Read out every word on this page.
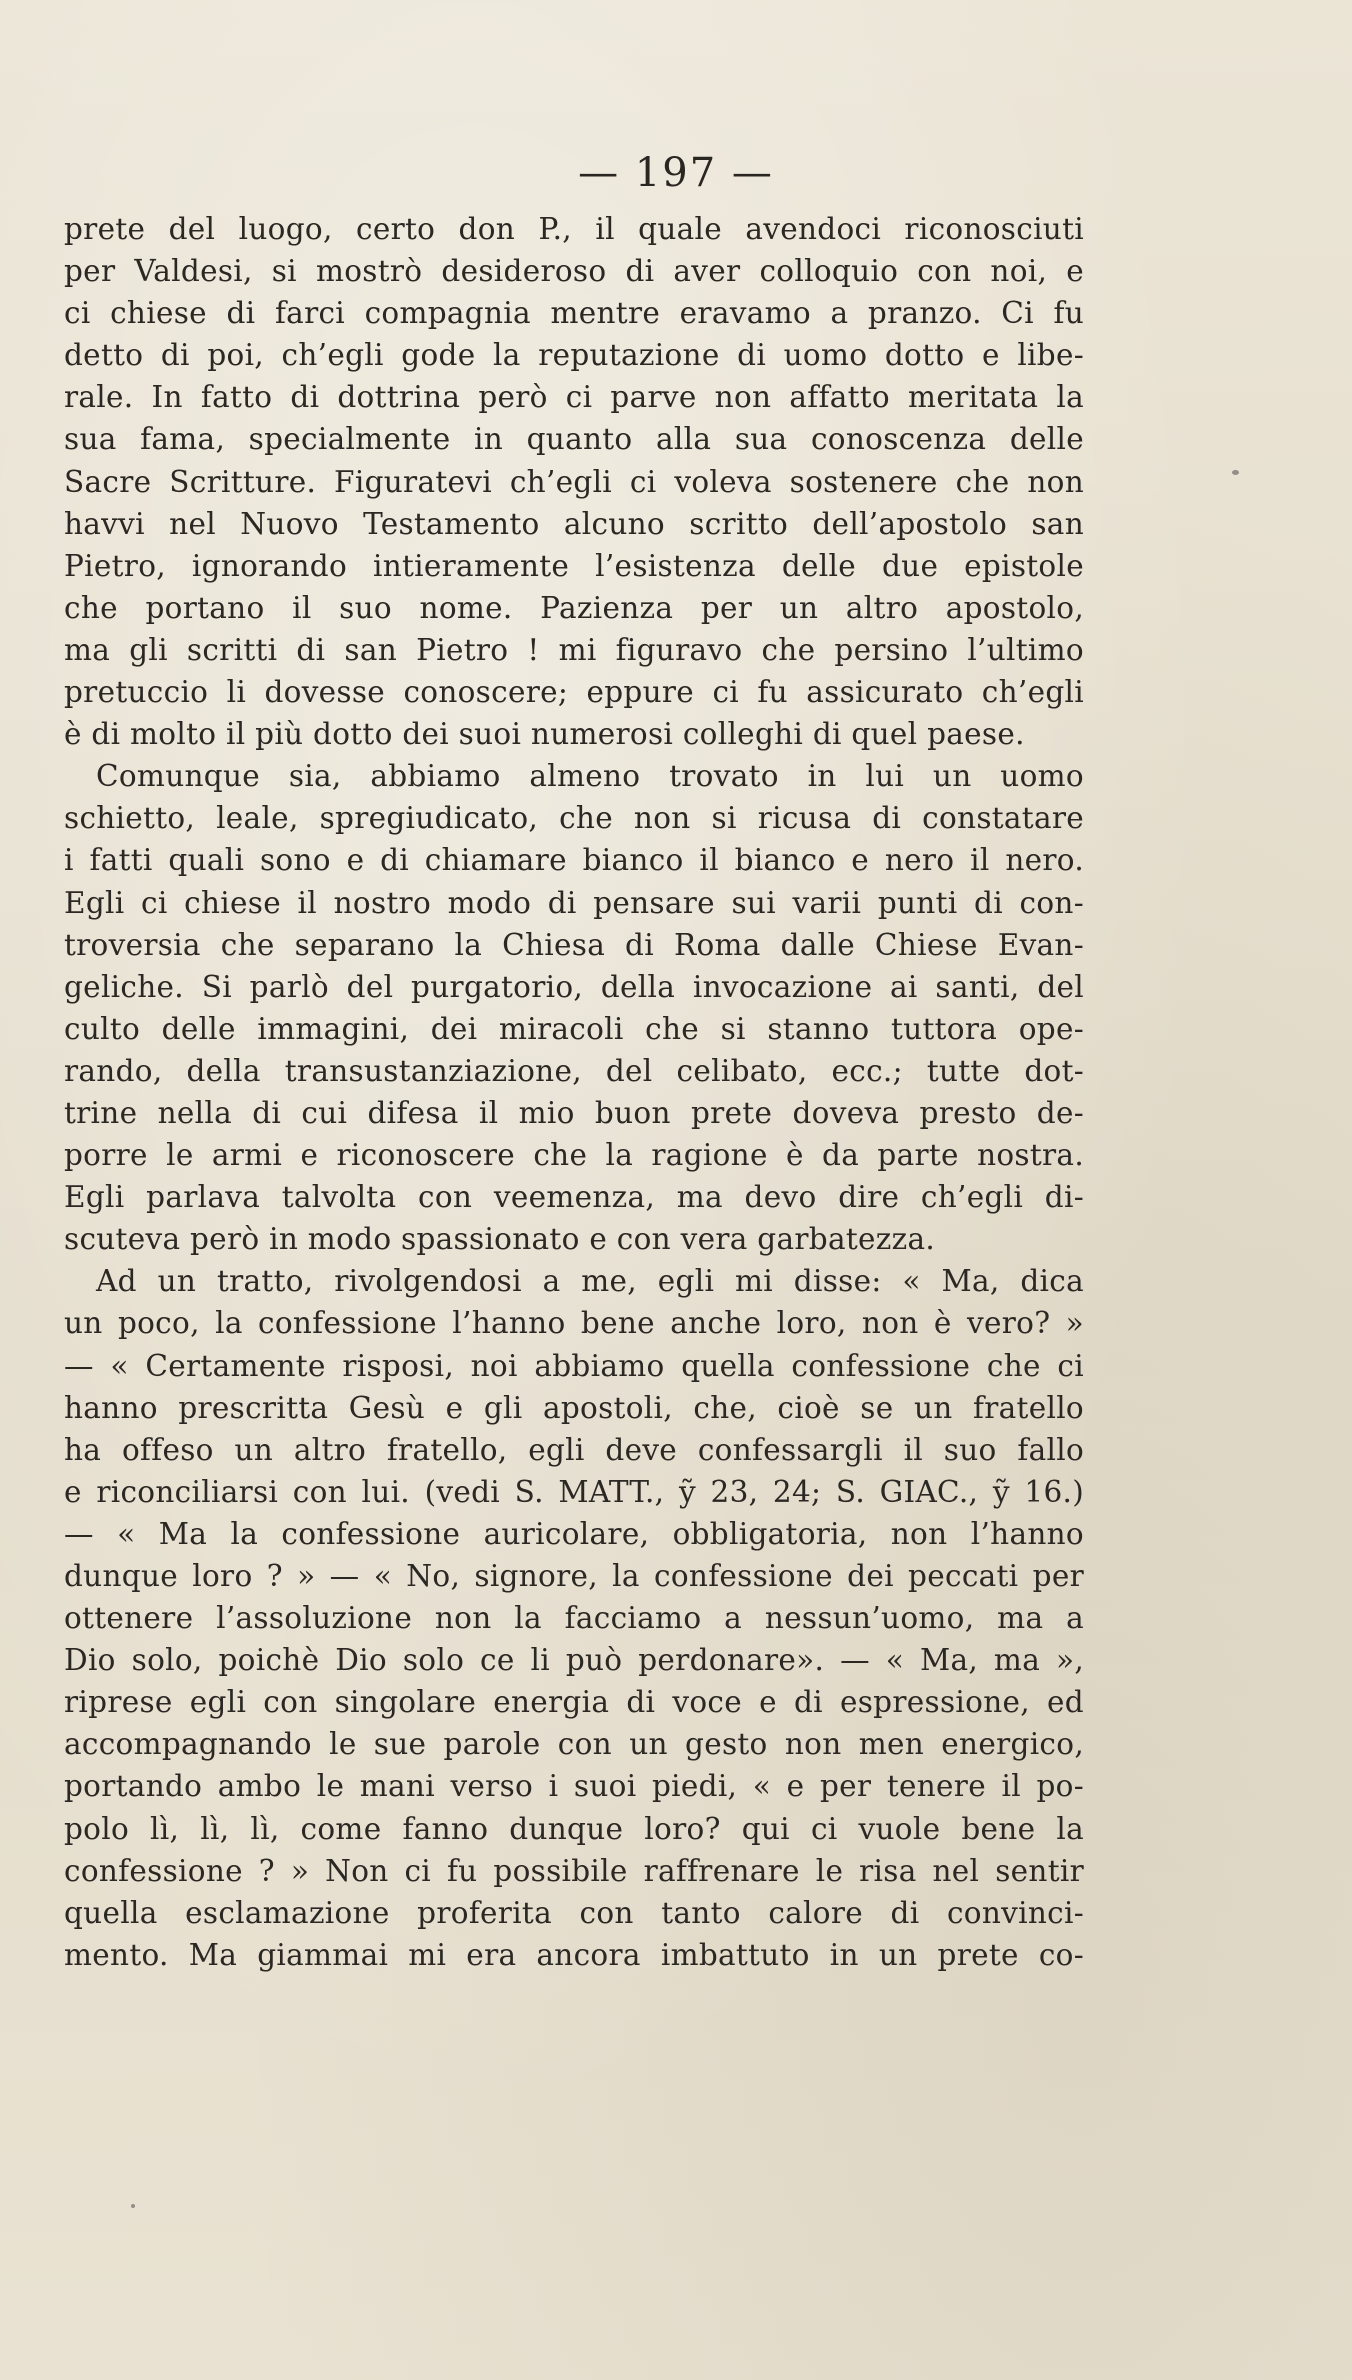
— 197 —
prete del luogo, certo don P., il quale avendoci riconosciuti
per Valdesi, si mostrò desideroso di aver colloquio con noi, e
ci chiese di farci compagnia mentre eravamo a pranzo. Ci fu
detto di poi, ch’egli gode la reputazione di uomo dotto e libe-
rale. In fatto di dottrina però ci parve non affatto meritata la
sua fama, specialmente in quanto alla sua conoscenza delle
Sacre Scritture. Figuratevi ch’egli ci voleva sostenere che non
havvi nel Nuovo Testamento alcuno scritto dell’apostolo san
Pietro, ignorando intieramente l’esistenza delle due epistole
che portano il suo nome. Pazienza per un altro apostolo,
ma gli scritti di san Pietro ! mi figuravo che persino l’ultimo
pretuccio li dovesse conoscere; eppure ci fu assicurato ch’egli
è di molto il più dotto dei suoi numerosi colleghi di quel paese.
Comunque sia, abbiamo almeno trovato in lui un uomo
schietto, leale, spregiudicato, che non si ricusa di constatare
i fatti quali sono e di chiamare bianco il bianco e nero il nero.
Egli ci chiese il nostro modo di pensare sui varii punti di con-
troversia che separano la Chiesa di Roma dalle Chiese Evan-
geliche. Si parlò del purgatorio, della invocazione ai santi, del
culto delle immagini, dei miracoli che si stanno tuttora ope-
rando, della transustanziazione, del celibato, ecc.; tutte dot-
trine nella di cui difesa il mio buon prete doveva presto de-
porre le armi e riconoscere che la ragione è da parte nostra.
Egli parlava talvolta con veemenza, ma devo dire ch’egli di-
scuteva però in modo spassionato e con vera garbatezza.
Ad un tratto, rivolgendosi a me, egli mi disse: « Ma, dica
un poco, la confessione l’hanno bene anche loro, non è vero? »
— « Certamente risposi, noi abbiamo quella confessione che ci
hanno prescritta Gesù e gli apostoli, che, cioè se un fratello
ha offeso un altro fratello, egli deve confessargli il suo fallo
e riconciliarsi con lui. (vedi S. MATT., ỹ 23, 24; S. GIAC., ỹ 16.)
— « Ma la confessione auricolare, obbligatoria, non l’hanno
dunque loro ? » — « No, signore, la confessione dei peccati per
ottenere l’assoluzione non la facciamo a nessun’uomo, ma a
Dio solo, poichè Dio solo ce li può perdonare». — « Ma, ma »,
riprese egli con singolare energia di voce e di espressione, ed
accompagnando le sue parole con un gesto non men energico,
portando ambo le mani verso i suoi piedi, « e per tenere il po-
polo lì, lì, lì, come fanno dunque loro? qui ci vuole bene la
confessione ? » Non ci fu possibile raffrenare le risa nel sentir
quella esclamazione proferita con tanto calore di convinci-
mento. Ma giammai mi era ancora imbattuto in un prete co-
